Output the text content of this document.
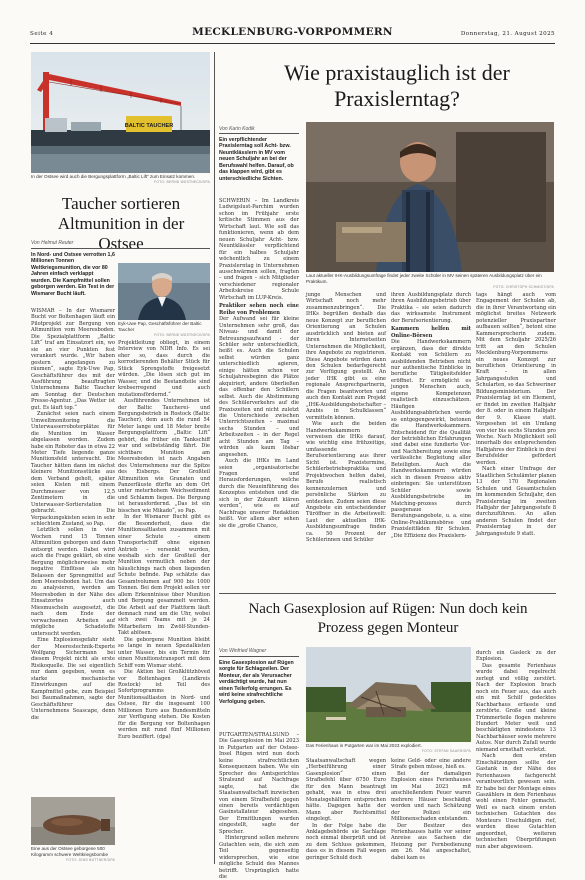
Seite 4	MECKLENBURG-VORPOMMERN	Donnerstag, 21. August 2025
BALTIC TAUCHER
In der Ostsee wird auch die Bergungsplattform „Baltic Lift“ zum Einsatz kommen.
FOTO: BERND WÜSTNECK/DPA
Taucher sortieren Altmunition in der Ostsee
Von Helmut Reuter
In Nord- und Ostsee verrotten 1,6 Millionen Tonnen Weltkriegsmunition, die vor 80 Jahren einfach verklappt wurden. Die Kampfmittel sollen geborgen werden. Ein Test in der Wismarer Bucht läuft.
Eyk-Uwe Pap, Geschäftsführer der Baltic Taucher
FOTO: BERND WÜSTNECK/DPA

WISMAR – In der Wismarer Bucht vor Boltenhagen läuft ein Pilotprojekt zur Bergung von Altmunition vom Meeresboden. Die Spezialplattform „Baltic Lift“ traf am Einsatzort ein, wo sie an vier Punkten fest verankert wurde. „Wir haben gestern angefangen zu räumen“, sagte Eyk-Uwe Pap, Geschäftsführer des mit der Ausführung beauftragten Unternehmens Baltic Taucher am Sonntag der Deutschen Presse-Agentur. „Das Wetter ist gut. Es läuft top.“

Zunächst seien nach einem Umweltmonitoring die Unterwasserroboterplätze für die Munition im Wasser abgelassen worden. Zudem habe ein Roboter das in etwa 22 Meter Tiefe liegende ganze Munitionsfeld untersucht. Die Taucher hätten dann im nächst kleinere Munitionsstücke aus dem Verband geholt, später seien Kisten mit einem Durchmesser von 12,5 Zentimetern in die Unterwasser-Sortierstation gebracht. Die Verpackungskisten seien in sehr schlechtem Zustand, so Pap.

Letztlich sollen in vier Wochen rund 15 Tonnen Altmunition geborgen und dann entsorgt werden. Dabei wird auch die Frage geklärt, ob eine Bergung möglicherweise mehr negative Einflüsse als ein Belassen der Sprengmittel auf dem Meeresboden hat. Um das zu analysieren, werden am Meeresboden in der Nähe des Einsatzortes auch Miesmuscheln ausgesetzt, die nach dem Ende der verwachsenen Arbeiten auf mögliche Schadstoffe untersucht werden.

Eine Explosionsgefahr sieht der Meerestechnik-Experte Wolfgang Sichermann bei diesem Projekt nicht als erste Risikoquelle. Die sei eigentlich nur dann gegeben, wenn es starke mechanische Einwirkungen auf die Kampfmittel gebe, zum Beispiel bei Baumaßnahmen, sagte der Geschäftsführer des Unternehmens Seascape, denn die

Eine aus der Ostsee geborgene 500 Kilogramm schwere Weltkriegsbombe
FOTO: JENS BÜTTNER/DPA

Projektleitung obliegt, in einem Interview von NDR Info. Es sei eher so, dass durch die korrodierenden Behälter Stück für Stück Sprengstoffe freigesetzt würden. „Die lösen sich gut im Wasser, und die Bestandteile sind krebserregend und auch mutationsfördernd.“

Ausführendes Unternehmen ist der Baltic Taucherei- und Bergungsbetrieb in Rostock (Baltic Taucher), dem auch die rund 54 Meter lange und 18 Meter breite Bergungsplattform „Baltic Lift“ gehört, die früher ein Tankschiff war und selbstständig fährt. Die sichtbare Munition am Meeresboden ist nach Angaben des Unternehmens nur die Spitze des Eisbergs. Der Großteil Altmunition wie Granaten und Panzerfäuste dürfte an dem Ort unter meterhohem Weichsediment und Schlamm liegen. Die Bergung ist herausfordernd. „Das ist ein bisschen wie Mikado“, so Pap.

In der Wismarer Bucht gibt es die Besonderheit, dass die Munitionsaltlasten zusammen mit einer Schute – einem Transportschiff ohne eigenen Antrieb – versenkt wurden, weshalb sich der Großteil der Munition vermutlich neben der häuslichings nach oben liegenden Schute befinde. Pap schätzte das Gesamtvolumen auf 900 bis 1000 Tonnen. Bei dem Projekt sollen vor allem Erkenntnisse über Munition und Bergung gesammelt werden. Die Arbeit auf der Plattform läuft demnach rund um die Uhr, wobei sich zwei Teams mit je 24 Mitarbeitern im Zwölf-Stunden-Takt ablösen.

Die geborgene Munition bleibt so lange in neuen Spezialkisten unter Wasser, bis ein Termin für einen Munitionstransport mit dem Schiff vom Wismar steht.

Die Aktion bei Großklützhöved vor Boltenhagen (Landkreis Rostock) ist Teil des Sofortprogramms Munitionsaltlasten in Nord- und Ostsee, für die insgesamt 100 Millionen Euro aus Bundesmitteln zur Verfügung stehen. Die Kosten für die Bergung vor Boltenhagen werden mit rund fünf Millionen Euro beziffert. (dpa)

Wie praxistauglich ist der Praxislerntag?
Von Karin Kodik
Ein verpflichtender Praxislerntag soll Acht- bzw. Neuntklässlern in MV vom neuen Schuljahr an bei der Berufswahl helfen. Darauf, ob das klappen wird, gibt es unterschiedliche Sichten.
Laut aktueller IHK-Ausbildungsumfrage findet jeder zweite Schüler in MV seinen späteren Ausbildungsplatz über ein Praktikum.
FOTO: CHRISTOPH SCHMIDT/DPA

SCHWERIN – Im Landkreis Ludwigslust-Parchim wurden schon im Frühjahr erste kritische Stimmen aus der Wirtschaft laut. Wie soll das funktionieren, wenn ab dem neuen Schuljahr Acht- bzw. Neuntklässler verpflichtend für ein halbes Schuljahr wöchentlich zu einem Praxislerntag in Unternehmen ausschwärmen sollen, fragten – und fragen – sich Mitglieder verschiedener regionaler Arbeitskreise Schule Wirtschaft im LUP-Kreis.

Praktiker sehen noch eine Reihe von Problemen

Der Aufwand sei für kleine Unternehmen sehr groß, das Niveau- und damit der Betreuungsaufwand - der Schüler sehr unterschiedlich, heißt es. Auch die Schulen selbst würden ganz unterschiedlich agieren, einige hätten schon vor Schuljahresbeginn die Plätze akquiriert, andere überließen das offenbar den Schülern selbst. Auch die Abstimmung des Schülerverkehrs auf die Praxiszeiten und nicht zuletzt die Unterschiede zwischen Unterrichtszeiten – maximal sechs Stunden – und Arbeitszeiten – in der Regel acht Stunden am Tag – würden als kaum lösbar angesehen.

Auch die IHKs im Land seien „organisatorische Fragen und Herausforderungen, welche durch die Neueinführung des Konzeptes entstehen und die sich in der Zukunft klären werden“, wie es auf Nachfrage unserer Redaktion heißt. Vor allem aber sehen sie die „große Chance,

junge Menschen und Wirtschaft noch mehr zusammenzubringen“. Die IHKs begrüßen deshalb das neue Konzept zur beruflichen Orientierung an Schulen ausdrücklich und bieten auf ihren Internetseiten Unternehmen die Möglichkeit, ihre Angebote zu registrieren. Diese Angebote würden dann den Schulen bedarfsgerecht zur Verfügung gestellt. An jeder IHK gibt es eine regionale Ansprechpartnerin, die Fragen beantworten und auch den Kontakt zum Projekt „IHK-Ausbildungsbotschafter – Azubis in Schulklassen“ vermitteln können.

Wie auch die beiden Handwerkskammern verweisen die IHKs darauf, wie wichtig eine frühzeitige, umfassende Berufsorientierung aus ihrer Sicht ist. Praxistermine, Schülerbetriebspraktika und Projektwochen helfen dabei, Berufe realistisch kennenzulernen und persönliche Stärken zu entdecken. Zudem seien diese Angebote ein entscheidender Türöffner in die Arbeitswelt: Laut der aktuellen IHK-Ausbildungsumfrage finden ca. 50 Prozent der Schülerinnen und Schüler

ihren Ausbildungsplatz durch ihren Ausbildungsbetrieb über Praktika – sie seien dadurch das wirksamste Instrument der Berufsorientierung.

Kammern helfen mit Online-Börsen

Die Handwerkskammern ergänzen, dass der direkte Kontakt von Schülern zu ausbildenden Betrieben nicht nur authentische Einblicke in berufliche Tätigkeitsfelder eröffnet. Er ermöglicht es jungen Menschen auch, eigene Kompetenzen realistisch einzuschätzen. Häufigen Ausbildungsabbrüchen werde so entgegengewirkt, betonen die Handwerkskammern. Entscheidend für die Qualität der betrieblichen Erfahrungen sind dabei eine fundierte Vor- und Nachbereitung sowie eine verlässliche Begleitung aller Beteiligten. Auch die Handwerkskammern würden sich in diesen Prozess aktiv einbringen: Sie unterstützen Schüler sowie Ausbildungsbetriebe im Matching-prozess durch passgenaue Beratungsangebote, u. a. eine Online-Praktikumsbörse und Praxisleitfäden für Schulen. „Die Effizienz des Praxislern-

tags hängt auch vom Engagement der Schulen ab, die in ihrer Verantwortung ein möglichst breites Netzwerk potenzieller Praxispartner aufbauen sollten“, betont eine Kammersprecherin zudem. Mit dem Schuljahr 2025/26 tritt an den Schulen Mecklenburg-Vorpommerns ein neues Konzept zur beruflichen Orientierung in Kraft – in allen Jahrgangsstufen und Schularten, so das Schweriner Bildungsministerium. Der Praxislerntag ist ein Element, er findet im zweiten Halbjahr der 8. oder in einem Halbjahr der 9. Klasse statt. Vorgesehen ist ein Umfang von vier bis sechs Stunden pro Woche. Nach Möglichkeit soll innerhalb des entsprechenden Halbjahres der Einblick in drei Berufsfelder gefördert werden.

Nach einer Umfrage der Staatlichen Schulämter planen 13 der 170 Regionalen Schulen und Gesamtschulen im kommenden Schuljahr, den Praxislerntag im zweiten Halbjahr der Jahrgangsstufe 8 durchzuführen. An allen anderen Schulen findet der Praxislerntag in der Jahrgangsstufe 9 statt.

Nach Gasexplosion auf Rügen: Nun doch kein Prozess gegen Monteur
Von Winfried Wagner
Eine Gasexplosion auf Rügen sorgte für Schlagzeilen. Der Monteur, der als Verursacher verdächtigt wurde, hat nun einen Teilerfolg errungen. Es wird keine strafrechtliche Verfolgung geben.
Das Ferienhaus in Putgarten war im Mai 2023 explodiert.
FOTO: STEFAN SAUER/DPA

PUTGARTEN/STRALSUND – Die Gasexplosion im Mai 2023 in Putgarten auf der Ostsee-Insel Rügen wird nun doch keine strafrechtlichen Konsequenzen haben. Wie ein Sprecher des Amtsgerichtes Stralsund auf Nachfrage sagte, hat die Staatsanwaltschaft inzwischen von einem Strafbefehl gegen einen bereits verdächtigen Gasinstallateur abgesehen. Der Ermittlungen wurden eingestellt, sagte der Sprecher.

Hintergrund sollen mehrere Gutachten sein, die sich zum Teil gegenseitig widersprechen, wie eine mögliche Schuld des Mannes betrifft. Ursprünglich hatte die

Staatsanwaltschaft wegen „Herbeiführung einer Gasexplosion“ einen Strafbefehl über 6750 Euro für den Mann beantragt gehabt, was in etwa drei Monatsgehältern entsprochen hätte. Dagegen hatte der Mann aber Rechtsmittel eingelegt.

In der Folge habe die Anklagebehörde sie Sachlage noch einmal überprüft und ist zu dem Schluss gekommen, dass es in diesem Fall wegen geringer Schuld doch

keine Geld- oder eine andere Strafe geben müsse, hieß es.

Bei der damaligen Explosion eines Ferienhauses im Mai 2023 mit anschließendem Feuer waren mehrere Häuser beschädigt worden und nach Schätzung der Polizei ein Millionenschaden entstanden.

Der Besitzer des Ferienhauses hatte vor seiner Anreise aus Sachsen die Heizung per Fernbedienung am 26. Mai angeschaltet, dabei kam es

durch ein Gasleck zu der Explosion.

Das gesamte Ferienhaus wurde dabei regelrecht zerlegt und völlig zerstört. Nach der Explosion brach noch ein Feuer aus, das auch ein mit Schilf gedecktes Nachbarhaus erfasste und zerstörte. Große und kleine Trümmerteile flogen mehrere Hundert Meter weit und beschädigten mindestens 13 Nachbarhäuser sowie mehrere Autos. Nur durch Zufall wurde niemand ernsthaft verletzt.

Nach den ersten Einschätzungen sollte der Gastank in der Nähe des Ferienhauses fachgerecht verantwortlich gewesen sein. Er habe bei der Montage eines Gaszählers in dem Ferienhaus wohl einen Fehler gemacht. Weil es nach einem ersten technischen Gutachten des Monteurs Unschuldigen rief, wurden diese Gutachten angeordnet, weiteren technischen Überprüfungen nun aber abgewiesen.
